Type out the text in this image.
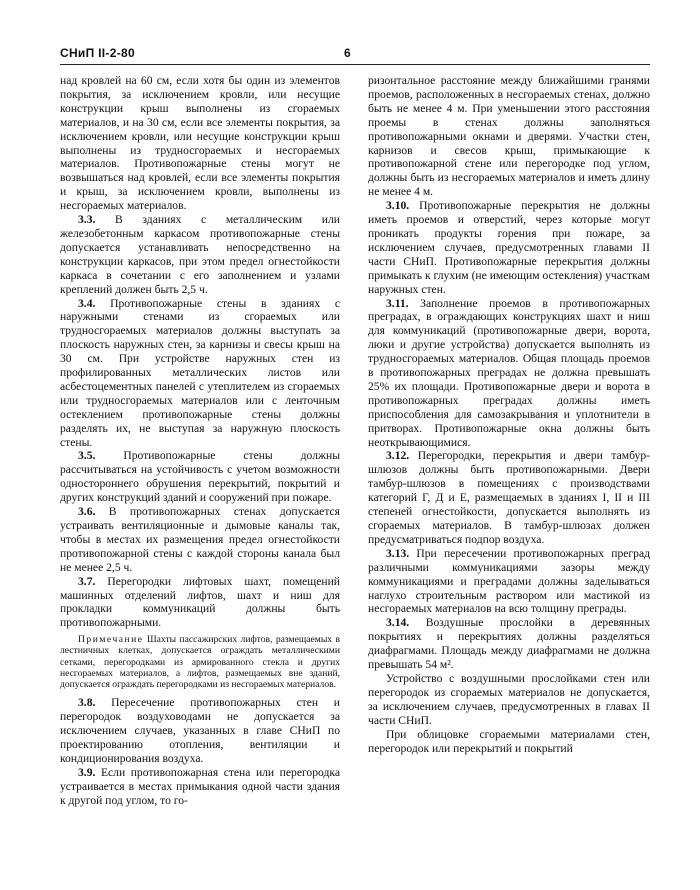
СНиП II-2-80	6

над кровлей на 60 см, если хотя бы один из элементов покрытия, за исключением кровли, или несущие конструкции крыш выполнены из сгораемых материалов, и на 30 см, если все элементы покрытия, за исключением кровли, или несущие конструкции крыш выполнены из трудносгораемых и несгораемых материалов. Противопожарные стены могут не возвышаться над кровлей, если все элементы покрытия и крыш, за исключением кровли, выполнены из несгораемых материалов.

3.3. В зданиях с металлическим или железобетонным каркасом противопожарные стены допускается устанавливать непосредственно на конструкции каркасов, при этом предел огнестойкости каркаса в сочетании с его заполнением и узлами креплений должен быть 2,5 ч.

3.4. Противопожарные стены в зданиях с наружными стенами из сгораемых или трудносгораемых материалов должны выступать за плоскость наружных стен, за карнизы и свесы крыш на 30 см. При устройстве наружных стен из профилированных металлических листов или асбестоцементных панелей с утеплителем из сгораемых или трудносгораемых материалов или с ленточным остеклением противопожарные стены должны разделять их, не выступая за наружную плоскость стены.

3.5. Противопожарные стены должны рассчитываться на устойчивость с учетом возможности одностороннего обрушения перекрытий, покрытий и других конструкций зданий и сооружений при пожаре.

3.6. В противопожарных стенах допускается устраивать вентиляционные и дымовые каналы так, чтобы в местах их размещения предел огнестойкости противопожарной стены с каждой стороны канала был не менее 2,5 ч.

3.7. Перегородки лифтовых шахт, помещений машинных отделений лифтов, шахт и ниш для прокладки коммуникаций должны быть противопожарными.

Примечание Шахты пассажирских лифтов, размещаемых в лестничных клетках, допускается ограждать металлическими сетками, перегородками из армированного стекла и других несгораемых материалов, а лифтов, размещаемых вне зданий, допускается ограждать перегородками из несгораемых материалов.

3.8. Пересечение противопожарных стен и перегородок воздуховодами не допускается за исключением случаев, указанных в главе СНиП по проектированию отопления, вентиляции и кондиционирования воздуха.

3.9. Если противопожарная стена или перегородка устраивается в местах примыкания одной части здания к другой под углом, то го-

ризонтальное расстояние между ближайшими гранями проемов, расположенных в несгораемых стенах, должно быть не менее 4 м. При уменьшении этого расстояния проемы в стенах должны заполняться противопожарными окнами и дверями. Участки стен, карнизов и свесов крыш, примыкающие к противопожарной стене или перегородке под углом, должны быть из несгораемых материалов и иметь длину не менее 4 м.

3.10. Противопожарные перекрытия не должны иметь проемов и отверстий, через которые могут проникать продукты горения при пожаре, за исключением случаев, предусмотренных главами II части СНиП. Противопожарные перекрытия должны примыкать к глухим (не имеющим остекления) участкам наружных стен.

3.11. Заполнение проемов в противопожарных преградах, в ограждающих конструкциях шахт и ниш для коммуникаций (противопожарные двери, ворота, люки и другие устройства) допускается выполнять из трудносгораемых материалов. Общая площадь проемов в противопожарных преградах не должна превышать 25% их площади. Противопожарные двери и ворота в противопожарных преградах должны иметь приспособления для самозакрывания и уплотнители в притворах. Противопожарные окна должны быть неоткрывающимися.

3.12. Перегородки, перекрытия и двери тамбур-шлюзов должны быть противопожарными. Двери тамбур-шлюзов в помещениях с производствами категорий Г, Д и Е, размещаемых в зданиях I, II и III степеней огнестойкости, допускается выполнять из сгораемых материалов. В тамбур-шлюзах должен предусматриваться подпор воздуха.

3.13. При пересечении противопожарных преград различными коммуникациями зазоры между коммуникациями и преградами должны заделываться наглухо строительным раствором или мастикой из несгораемых материалов на всю толщину преграды.

3.14. Воздушные прослойки в деревянных покрытиях и перекрытиях должны разделяться диафрагмами. Площадь между диафрагмами не должна превышать 54 м².

Устройство с воздушными прослойками стен или перегородок из сгораемых материалов не допускается, за исключением случаев, предусмотренных в главах II части СНиП.

При облицовке сгораемыми материалами стен, перегородок или перекрытий и покрытий
